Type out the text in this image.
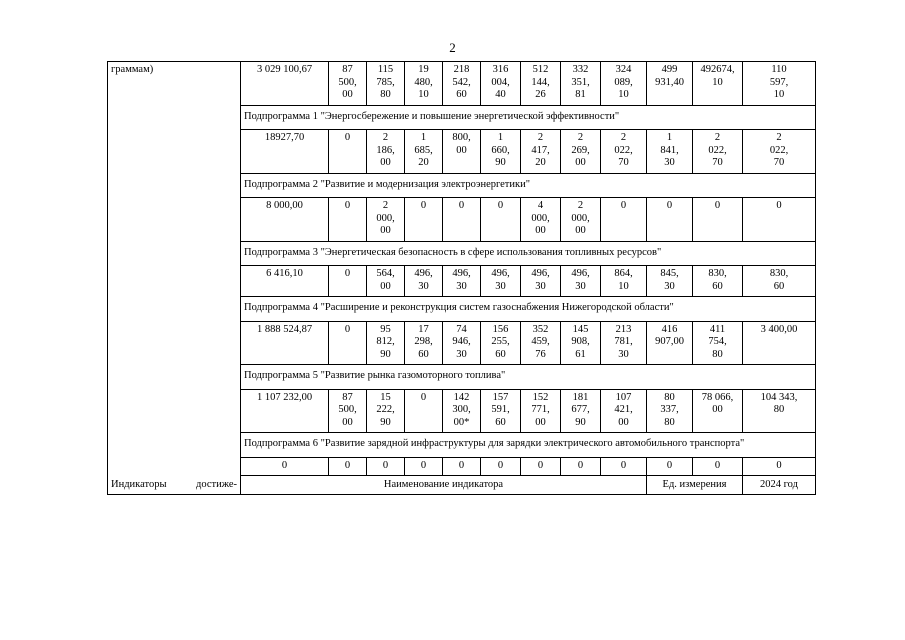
2
граммам)	3 029 100,67	87
500,
00	115
785,
80	19
480,
10	218
542,
60	316
004,
40	512
144,
26	332
351,
81	324
089,
10	499
931,40	492674,
10	110
597,
10

	Подпрограмма 1 "Энергосбережение и повышение энергетической эффективности"											
	18927,70	0	2
186,
00	1
685,
20	800,
00	1
660,
90	2
417,
20	2
269,
00	2
022,
70	1
841,
30	2
022,
70	2
022,
70

	Подпрограмма 2 "Развитие и модернизация электроэнергетики"											
	8 000,00	0	2
000,
00	0	0	0	4
000,
00	2
000,
00	0	0	0	0

	Подпрограмма 3 "Энергетическая безопасность в сфере использования топливных ресурсов"											
	6 416,10	0	564,
00	496,
30	496,
30	496,
30	496,
30	496,
30	864,
10	845,
30	830,
60	830,
60

	Подпрограмма 4 "Расширение и реконструкция систем газоснабжения Нижегородской области"											
	1 888 524,87	0	95
812,
90	17
298,
60	74
946,
30	156
255,
60	352
459,
76	145
908,
61	213
781,
30	416
907,00	411
754,
80	3 400,00

	Подпрограмма 5 "Развитие рынка газомоторного топлива"											
	1 107 232,00	87
500,
00	15
222,
90	0	142
300,
00*	157
591,
60	152
771,
00	181
677,
90	107
421,
00	80
337,
80	78 066,
00	104 343,
80

	Подпрограмма 6 "Развитие зарядной инфраструктуры для зарядки электрического автомобильного транспорта"											
	0	0	0	0	0	0	0	0	0	0	0	0

Индикаторы достиже-	Наименование индикатора									Ед. измерения		2024 год
